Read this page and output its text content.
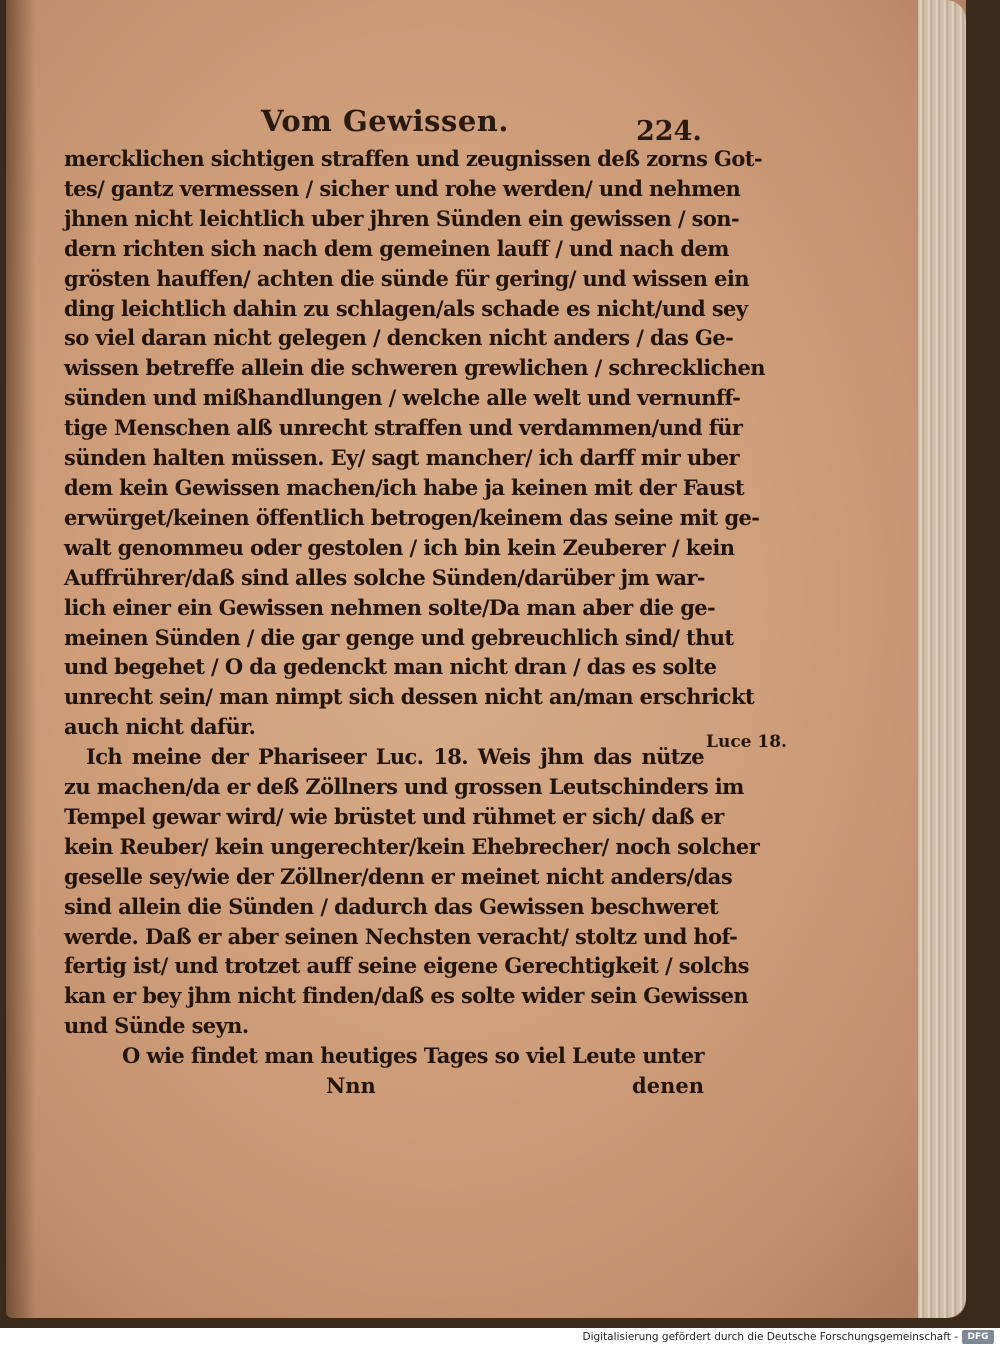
Vom Gewissen.	224.
mercklichen sichtigen straffen und zeugnissen deß zorns Got-
tes/ gantz vermessen / sicher und rohe werden/ und nehmen
jhnen nicht leichtlich uber jhren Sünden ein gewissen / son-
dern richten sich nach dem gemeinen lauff / und nach dem
grösten hauffen/ achten die sünde für gering/ und wissen ein
ding leichtlich dahin zu schlagen/als schade es nicht/und sey
so viel daran nicht gelegen / dencken nicht anders / das Ge-
wissen betreffe allein die schweren grewlichen / schrecklichen
sünden und mißhandlungen / welche alle welt und vernunff-
tige Menschen alß unrecht straffen und verdammen/und für
sünden halten müssen. Ey/ sagt mancher/ ich darff mir uber
dem kein Gewissen machen/ich habe ja keinen mit der Faust
erwürget/keinen öffentlich betrogen/keinem das seine mit ge-
walt genommeu oder gestolen / ich bin kein Zeuberer / kein
Auffrührer/daß sind alles solche Sünden/darüber jm war-
lich einer ein Gewissen nehmen solte/Da man aber die ge-
meinen Sünden / die gar genge und gebreuchlich sind/ thut
und begehet / O da gedenckt man nicht dran / das es solte
unrecht sein/ man nimpt sich dessen nicht an/man erschrickt
auch nicht dafür.
Ich meine der Phariseer Luc. 18. Weis jhm das nütze
zu machen/da er deß Zöllners und grossen Leutschinders im
Tempel gewar wird/ wie brüstet und rühmet er sich/ daß er
kein Reuber/ kein ungerechter/kein Ehebrecher/ noch solcher
geselle sey/wie der Zöllner/denn er meinet nicht anders/das
sind allein die Sünden / dadurch das Gewissen beschweret
werde. Daß er aber seinen Nechsten veracht/ stoltz und hof-
fertig ist/ und trotzet auff seine eigene Gerechtigkeit / solchs
kan er bey jhm nicht finden/daß es solte wider sein Gewissen
und Sünde seyn.
O wie findet man heutiges Tages so viel Leute unter
Nnn	denen
Luce 18.
Digitalisierung gefördert durch die Deutsche Forschungsgemeinschaft -	DFG
